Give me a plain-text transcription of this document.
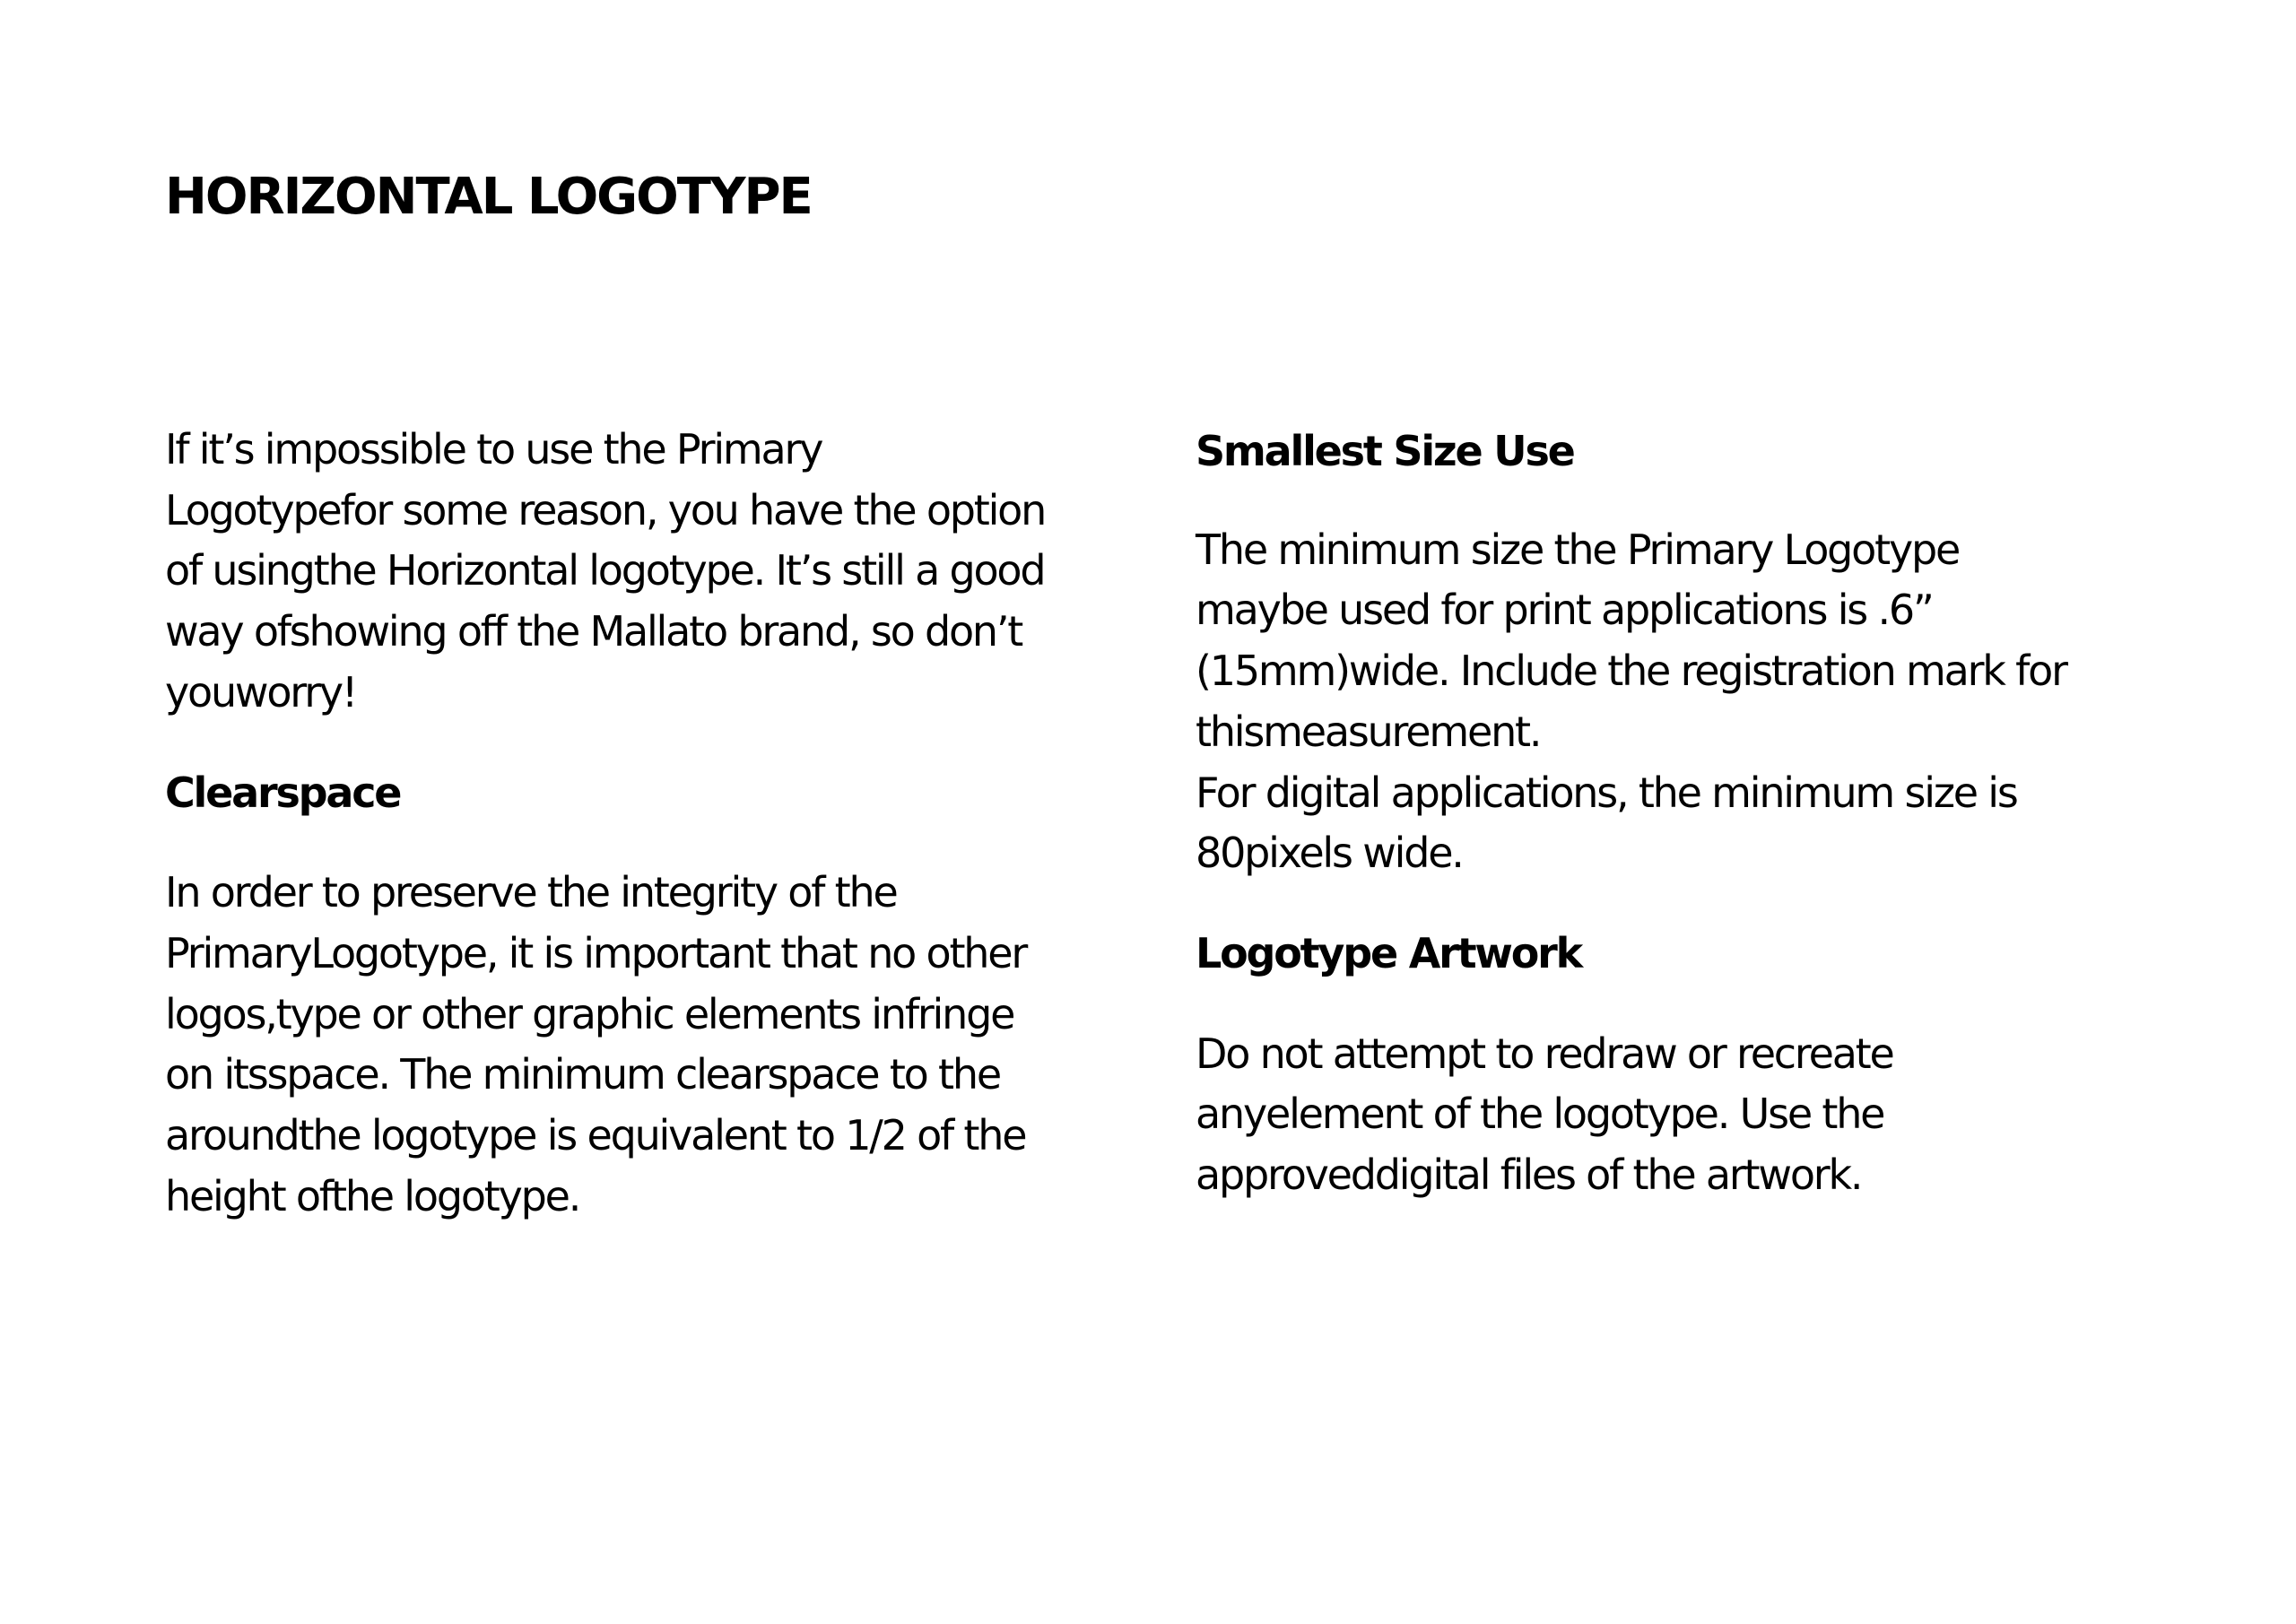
HORIZONTAL LOGOTYPE

If it’s impossible to use the Primary
Logotypefor some reason, you have the option
of usingthe Horizontal logotype. It’s still a good
way ofshowing off the Mallato brand, so don’t
youworry!

Clearspace

In order to preserve the integrity of the
PrimaryLogotype, it is important that no other
logos,type or other graphic elements infringe
on itsspace. The minimum clearspace to the
aroundthe logotype is equivalent to 1/2 of the
height ofthe logotype.

Smallest Size Use

The minimum size the Primary Logotype
maybe used for print applications is .6”
(15mm)wide. Include the registration mark for
thismeasurement.
For digital applications, the minimum size is
80pixels wide.

Logotype Artwork

Do not attempt to redraw or recreate
anyelement of the logotype. Use the
approveddigital files of the artwork.
